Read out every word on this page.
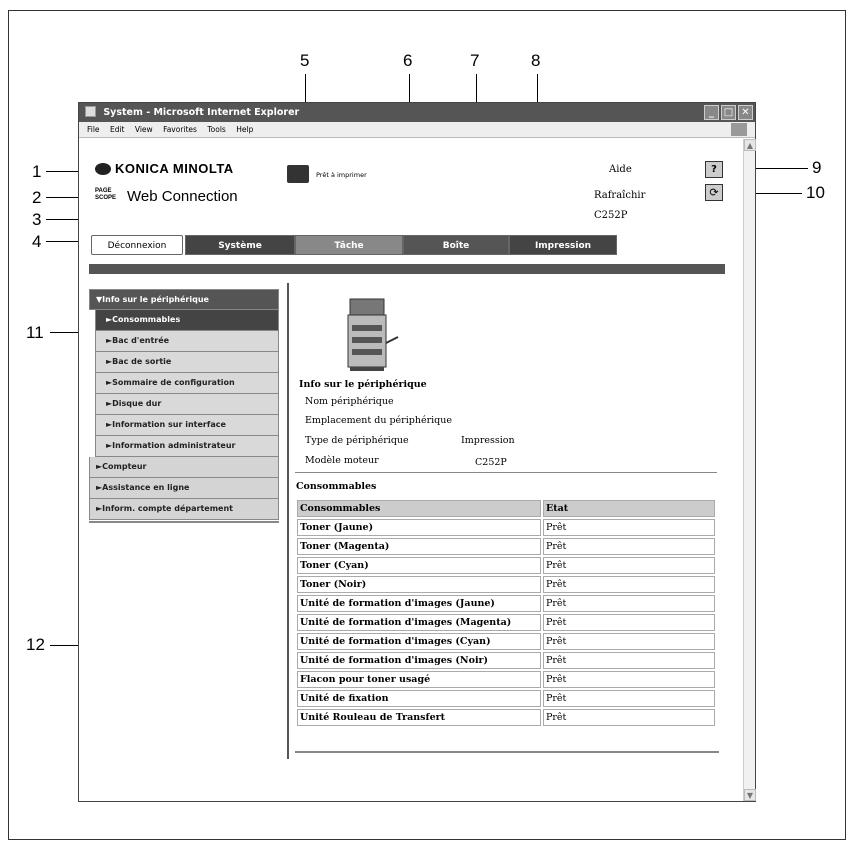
5	6	7	8
1
2
3
4
9
10
11
12
System - Microsoft Internet Explorer	_ □ ✕
File Edit View Favorites Tools Help
▲
▼
KONICA MINOLTA
PAGE SCOPE Web Connection
Prêt à imprimer	Aide
Rafraîchir
C252P
?
⟳
Déconnexion	Système	Tâche	Boîte	Impression
▼Info sur le périphérique
►Consommables
►Bac d'entrée
►Bac de sortie
►Sommaire de configuration
►Disque dur
►Information sur interface
►Information administrateur
►Compteur
►Assistance en ligne
►Inform. compte département
Info sur le périphérique
Nom périphérique
Emplacement du périphérique
Type de périphérique	Impression
Modèle moteur	C252P
Consommables
Consommables	Etat
Toner (Jaune)	Prêt
Toner (Magenta)	Prêt
Toner (Cyan)	Prêt
Toner (Noir)	Prêt
Unité de formation d'images (Jaune)	Prêt
Unité de formation d'images (Magenta)	Prêt
Unité de formation d'images (Cyan)	Prêt
Unité de formation d'images (Noir)	Prêt
Flacon pour toner usagé	Prêt
Unité de fixation	Prêt
Unité Rouleau de Transfert	Prêt
